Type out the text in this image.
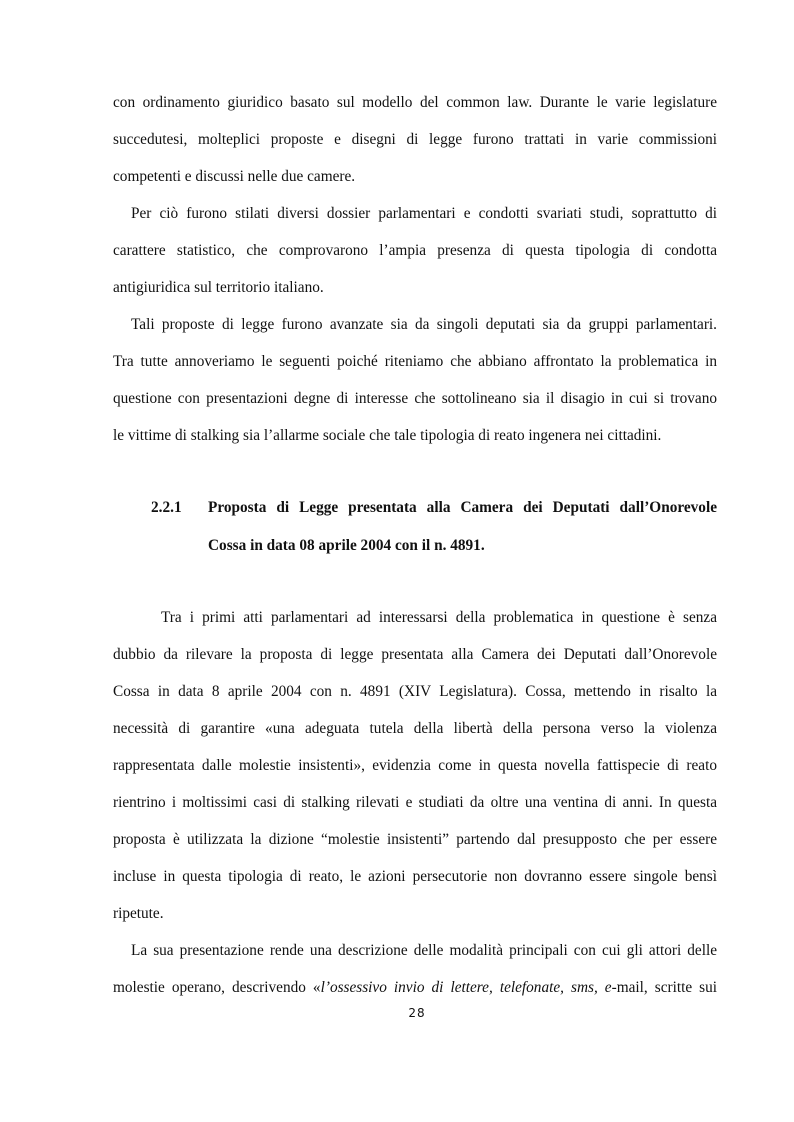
con ordinamento giuridico basato sul modello del common law. Durante le varie legislature
succedutesi, molteplici proposte e disegni di legge furono trattati in varie commissioni
competenti e discussi nelle due camere.
Per ciò furono stilati diversi dossier parlamentari e condotti svariati studi, soprattutto di
carattere statistico, che comprovarono l’ampia presenza di questa tipologia di condotta
antigiuridica sul territorio italiano.
Tali proposte di legge furono avanzate sia da singoli deputati sia da gruppi parlamentari.
Tra tutte annoveriamo le seguenti poiché riteniamo che abbiano affrontato la problematica in
questione con presentazioni degne di interesse che sottolineano sia il disagio in cui si trovano
le vittime di stalking sia l’allarme sociale che tale tipologia di reato ingenera nei cittadini.
2.2.1 Proposta di Legge presentata alla Camera dei Deputati dall’Onorevole
Cossa in data 08 aprile 2004 con il n. 4891.
Tra i primi atti parlamentari ad interessarsi della problematica in questione è senza
dubbio da rilevare la proposta di legge presentata alla Camera dei Deputati dall’Onorevole
Cossa in data 8 aprile 2004 con n. 4891 (XIV Legislatura). Cossa, mettendo in risalto la
necessità di garantire «una adeguata tutela della libertà della persona verso la violenza
rappresentata dalle molestie insistenti», evidenzia come in questa novella fattispecie di reato
rientrino i moltissimi casi di stalking rilevati e studiati da oltre una ventina di anni. In questa
proposta è utilizzata la dizione “molestie insistenti” partendo dal presupposto che per essere
incluse in questa tipologia di reato, le azioni persecutorie non dovranno essere singole bensì
ripetute.
La sua presentazione rende una descrizione delle modalità principali con cui gli attori delle
molestie operano, descrivendo «l’ossessivo invio di lettere, telefonate, sms, e-mail, scritte sui
28
